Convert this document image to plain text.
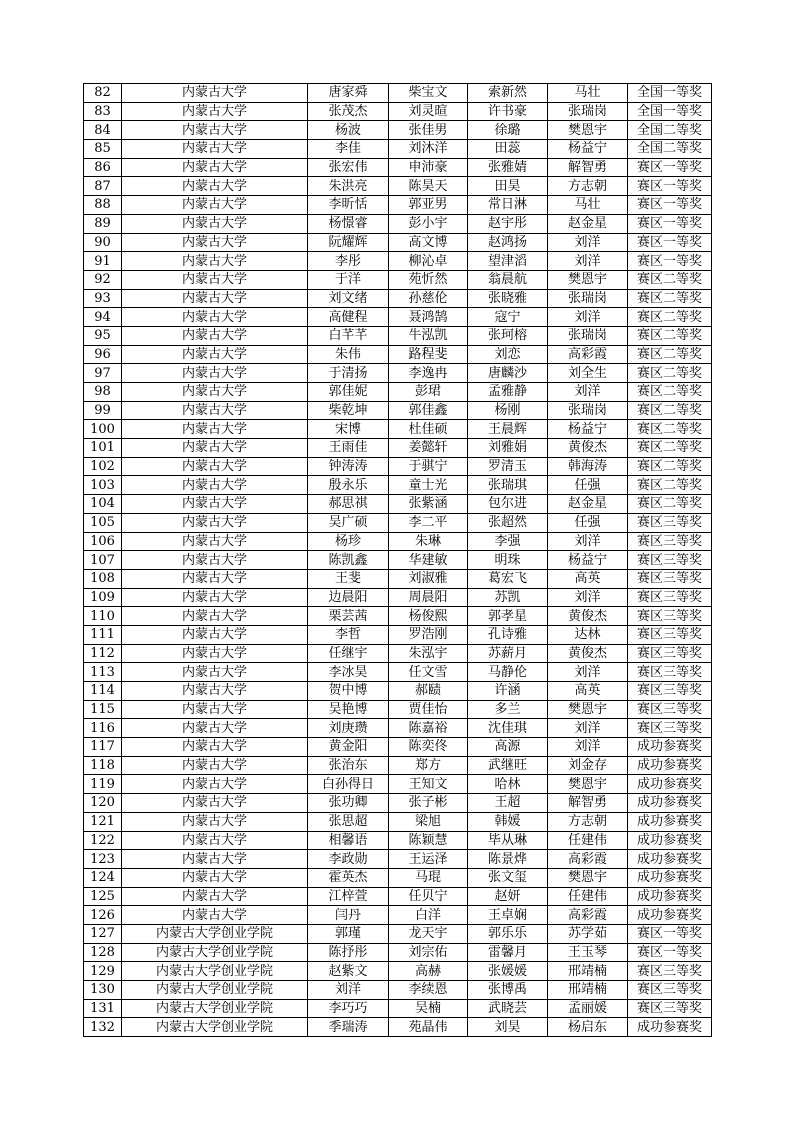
82	内蒙古大学	唐家舜	柴宝文	索新然	马壮	全国一等奖
83	内蒙古大学	张茂杰	刘灵暄	许书豪	张瑞岗	全国一等奖
84	内蒙古大学	杨波	张佳男	徐璐	樊恩宇	全国二等奖
85	内蒙古大学	李佳	刘沐洋	田蕊	杨益宁	全国二等奖
86	内蒙古大学	张宏伟	申沛豪	张雅婧	解智勇	赛区一等奖
87	内蒙古大学	朱洪亮	陈昊天	田昊	方志朝	赛区一等奖
88	内蒙古大学	李昕恬	郭亚男	常日淋	马壮	赛区一等奖
89	内蒙古大学	杨憬睿	彭小宇	赵宇彤	赵金星	赛区一等奖
90	内蒙古大学	阮耀辉	高文博	赵鸿扬	刘洋	赛区一等奖
91	内蒙古大学	李彤	柳沁卓	望津滔	刘洋	赛区一等奖
92	内蒙古大学	于洋	苑忻然	翁晨航	樊恩宇	赛区二等奖
93	内蒙古大学	刘文绪	孙慈伦	张晓雅	张瑞岗	赛区二等奖
94	内蒙古大学	高健程	聂鸿鹄	寇宁	刘洋	赛区二等奖
95	内蒙古大学	白芊芊	牛泓凯	张珂榕	张瑞岗	赛区二等奖
96	内蒙古大学	朱伟	路程斐	刘恋	高彩霞	赛区二等奖
97	内蒙古大学	于清扬	李逸冉	唐麟沙	刘全生	赛区二等奖
98	内蒙古大学	郭佳妮	彭珺	孟雅静	刘洋	赛区二等奖
99	内蒙古大学	柴乾坤	郭佳鑫	杨刚	张瑞岗	赛区二等奖
100	内蒙古大学	宋博	杜佳硕	王晨辉	杨益宁	赛区二等奖
101	内蒙古大学	王雨佳	姜懿轩	刘雅娟	黄俊杰	赛区二等奖
102	内蒙古大学	钟涛涛	于骐宁	罗清玉	韩海涛	赛区二等奖
103	内蒙古大学	殷永乐	童士光	张瑞琪	任强	赛区二等奖
104	内蒙古大学	郝思祺	张紫涵	包尔进	赵金星	赛区二等奖
105	内蒙古大学	吴广硕	李二平	张超然	任强	赛区三等奖
106	内蒙古大学	杨珍	朱琳	李强	刘洋	赛区三等奖
107	内蒙古大学	陈凯鑫	华建敏	明珠	杨益宁	赛区三等奖
108	内蒙古大学	王斐	刘淑雅	葛宏飞	高英	赛区三等奖
109	内蒙古大学	边晨阳	周晨阳	苏凯	刘洋	赛区三等奖
110	内蒙古大学	栗芸茜	杨俊熙	郭孝星	黄俊杰	赛区三等奖
111	内蒙古大学	李哲	罗浩刚	孔诗雅	达林	赛区三等奖
112	内蒙古大学	任继宇	朱泓宇	苏薪月	黄俊杰	赛区三等奖
113	内蒙古大学	李冰昊	任文雪	马静伦	刘洋	赛区三等奖
114	内蒙古大学	贺中博	郝赜	许涵	高英	赛区三等奖
115	内蒙古大学	吴艳博	贾佳怡	多兰	樊恩宇	赛区三等奖
116	内蒙古大学	刘庚瓒	陈嘉裕	沈佳琪	刘洋	赛区三等奖
117	内蒙古大学	黄金阳	陈奕佟	高源	刘洋	成功参赛奖
118	内蒙古大学	张治东	郑方	武继旺	刘金存	成功参赛奖
119	内蒙古大学	白孙得日	王知文	哈林	樊恩宇	成功参赛奖
120	内蒙古大学	张功卿	张子彬	王超	解智勇	成功参赛奖
121	内蒙古大学	张思超	梁旭	韩媛	方志朝	成功参赛奖
122	内蒙古大学	相馨语	陈颖慧	毕从琳	任建伟	成功参赛奖
123	内蒙古大学	李政勋	王运泽	陈景烨	高彩霞	成功参赛奖
124	内蒙古大学	霍英杰	马琨	张文玺	樊恩宇	成功参赛奖
125	内蒙古大学	江梓萱	任贝宁	赵妍	任建伟	成功参赛奖
126	内蒙古大学	闫丹	白洋	王卓娴	高彩霞	成功参赛奖
127	内蒙古大学创业学院	郭瑾	龙天宇	郭乐乐	苏学茹	赛区一等奖
128	内蒙古大学创业学院	陈抒彤	刘宗佑	雷馨月	王玉琴	赛区一等奖
129	内蒙古大学创业学院	赵紫文	高赫	张媛媛	邢靖楠	赛区三等奖
130	内蒙古大学创业学院	刘洋	李续恩	张博禹	邢靖楠	赛区三等奖
131	内蒙古大学创业学院	李巧巧	吴楠	武晓芸	孟丽媛	赛区三等奖
132	内蒙古大学创业学院	季瑞涛	苑晶伟	刘昊	杨启东	成功参赛奖
